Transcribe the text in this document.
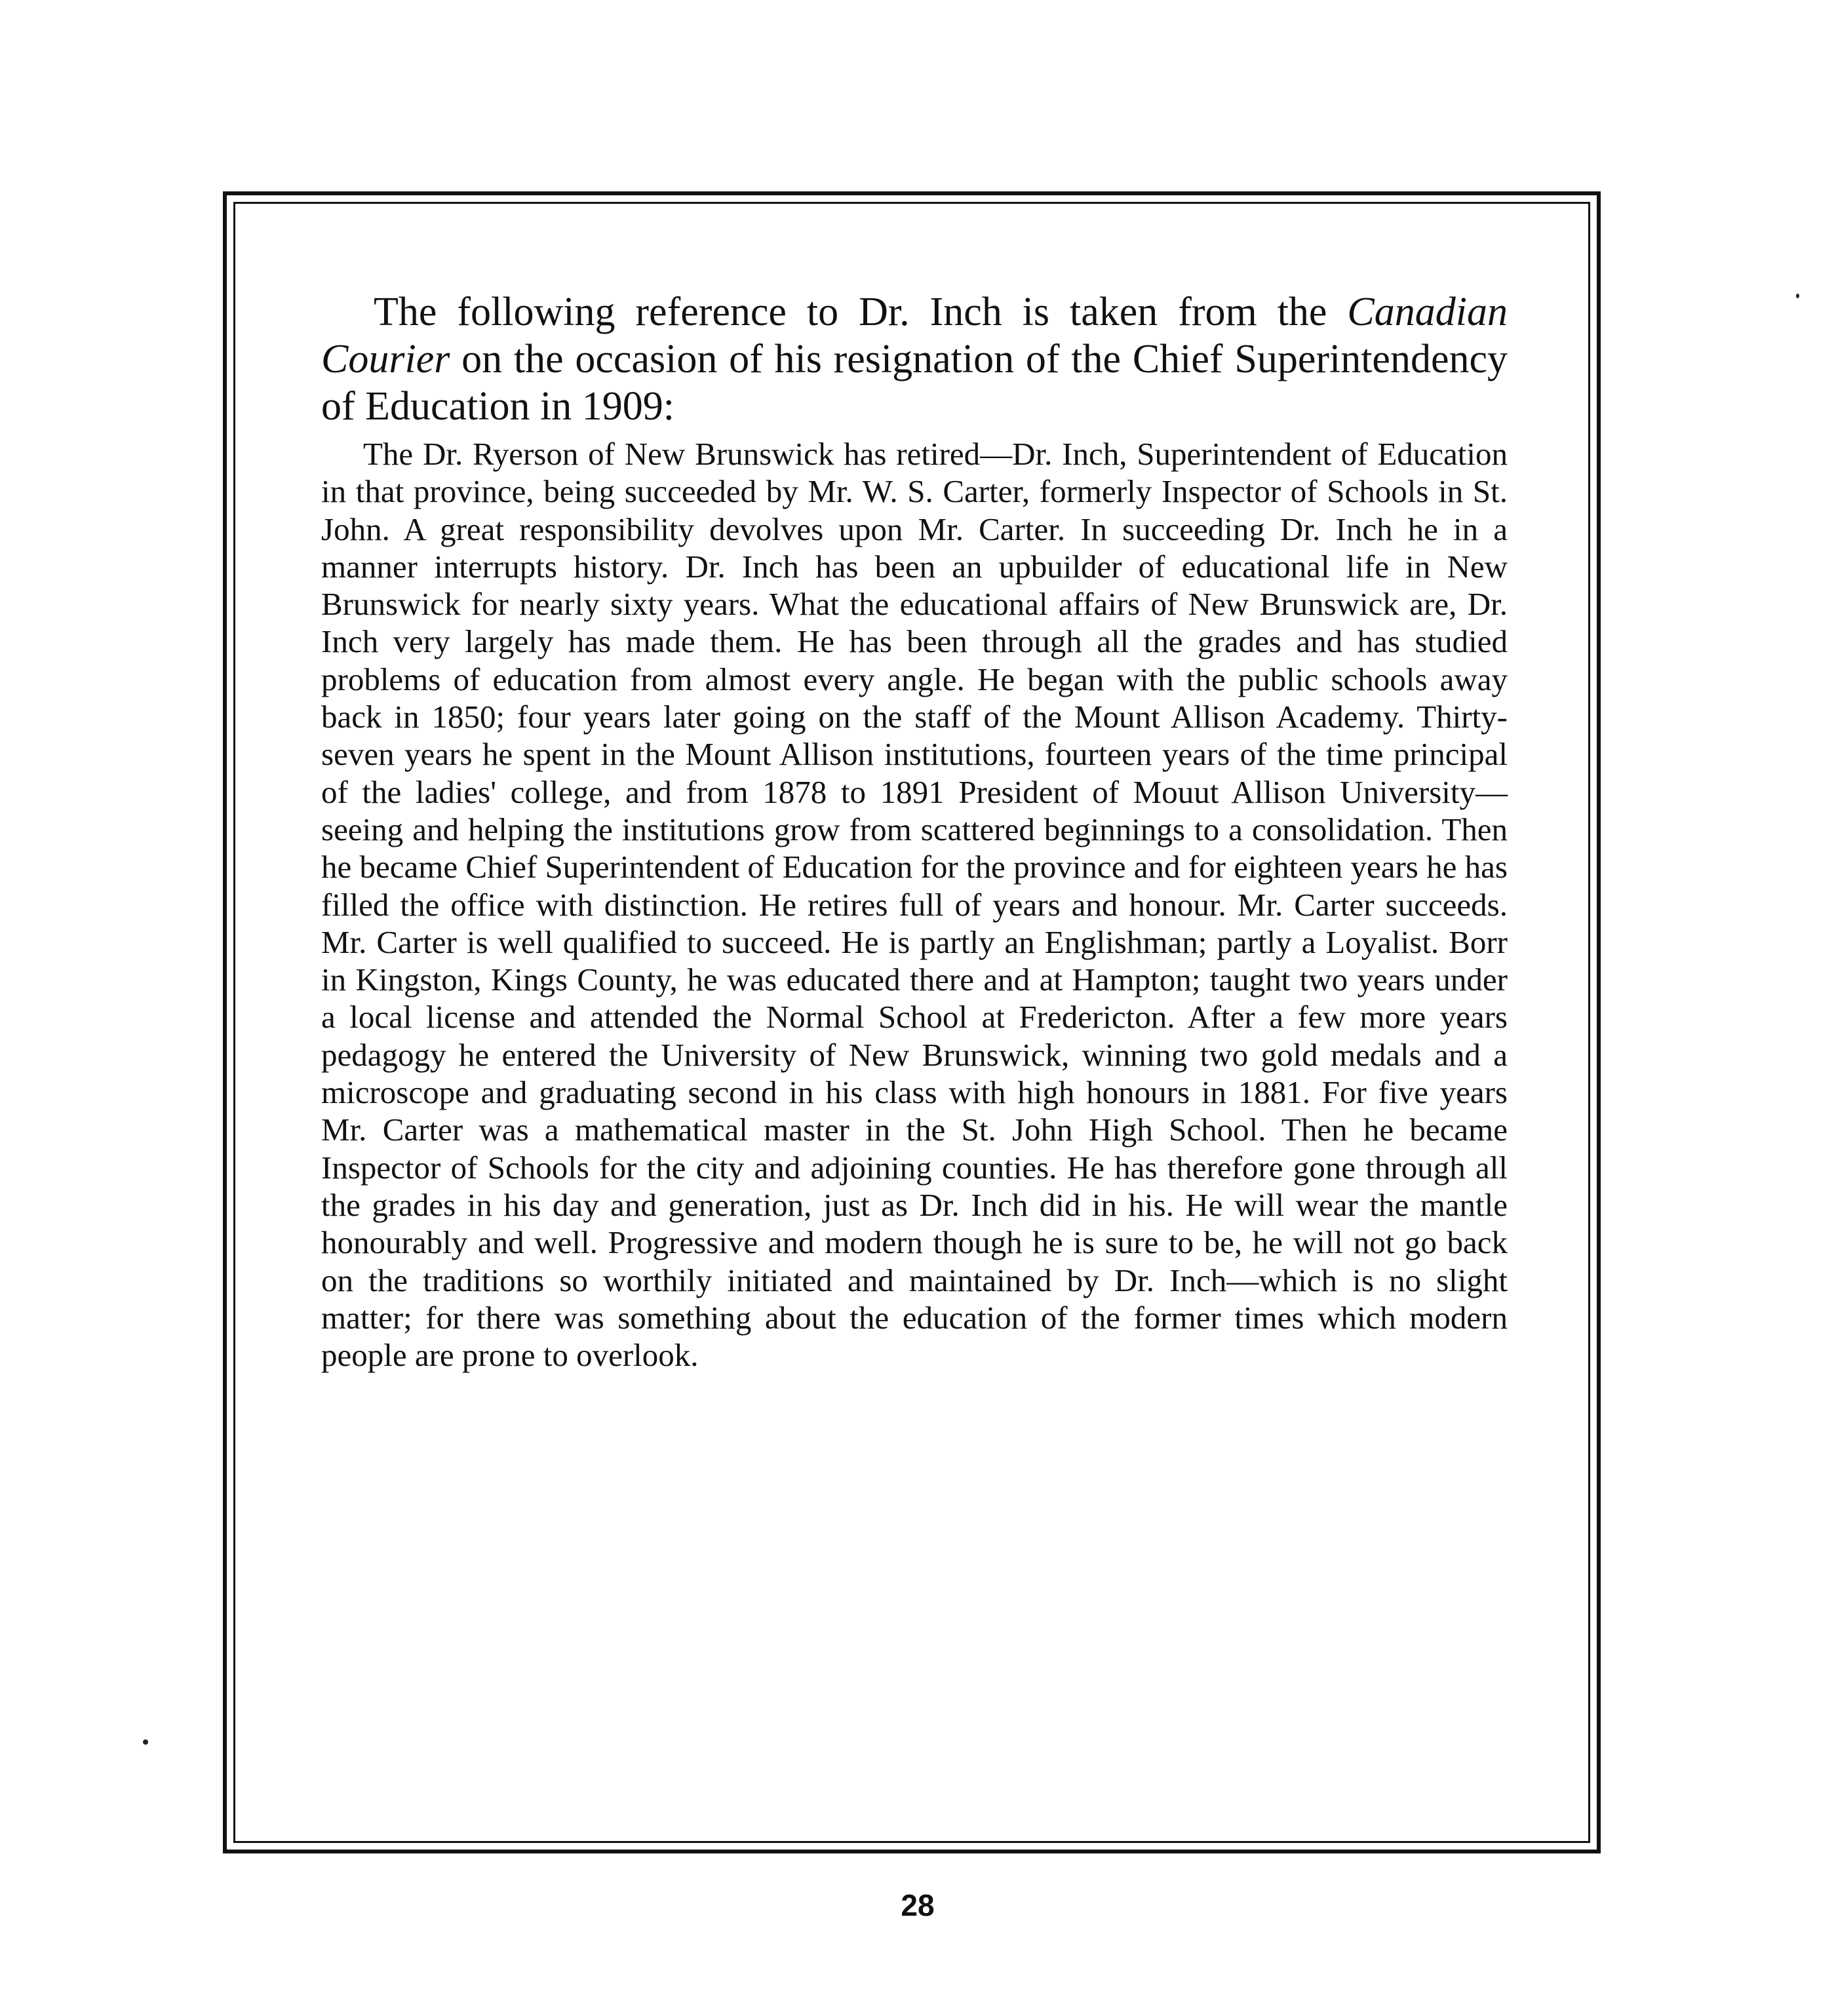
The following reference to Dr. Inch is taken from the Canadian Courier on the occasion of his resignation of the Chief Superintendency of Education in 1909:

The Dr. Ryerson of New Brunswick has retired—Dr. Inch, Superintendent of Education in that province, being succeeded by Mr. W. S. Carter, formerly Inspector of Schools in St. John. A great responsibility devolves upon Mr. Carter. In succeeding Dr. Inch he in a manner interrupts history. Dr. Inch has been an upbuilder of educational life in New Brunswick for nearly sixty years. What the educational affairs of New Brunswick are, Dr. Inch very largely has made them. He has been through all the grades and has studied problems of education from almost every angle. He began with the public schools away back in 1850; four years later going on the staff of the Mount Allison Academy. Thirty-seven years he spent in the Mount Allison institutions, fourteen years of the time principal of the ladies' college, and from 1878 to 1891 President of Mouut Allison University—seeing and helping the institutions grow from scattered beginnings to a consolidation. Then he became Chief Superintendent of Education for the province and for eighteen years he has filled the office with distinction. He retires full of years and honour. Mr. Carter succeeds. Mr. Carter is well qualified to succeed. He is partly an Englishman; partly a Loyalist. Borr in Kingston, Kings County, he was educated there and at Hampton; taught two years under a local license and attended the Normal School at Fredericton. After a few more years pedagogy he entered the University of New Brunswick, winning two gold medals and a microscope and graduating second in his class with high honours in 1881. For five years Mr. Carter was a mathematical master in the St. John High School. Then he became Inspector of Schools for the city and adjoining counties. He has therefore gone through all the grades in his day and generation, just as Dr. Inch did in his. He will wear the mantle honourably and well. Progressive and modern though he is sure to be, he will not go back on the traditions so worthily initiated and maintained by Dr. Inch—which is no slight matter; for there was something about the education of the former times which modern people are prone to overlook.

28
